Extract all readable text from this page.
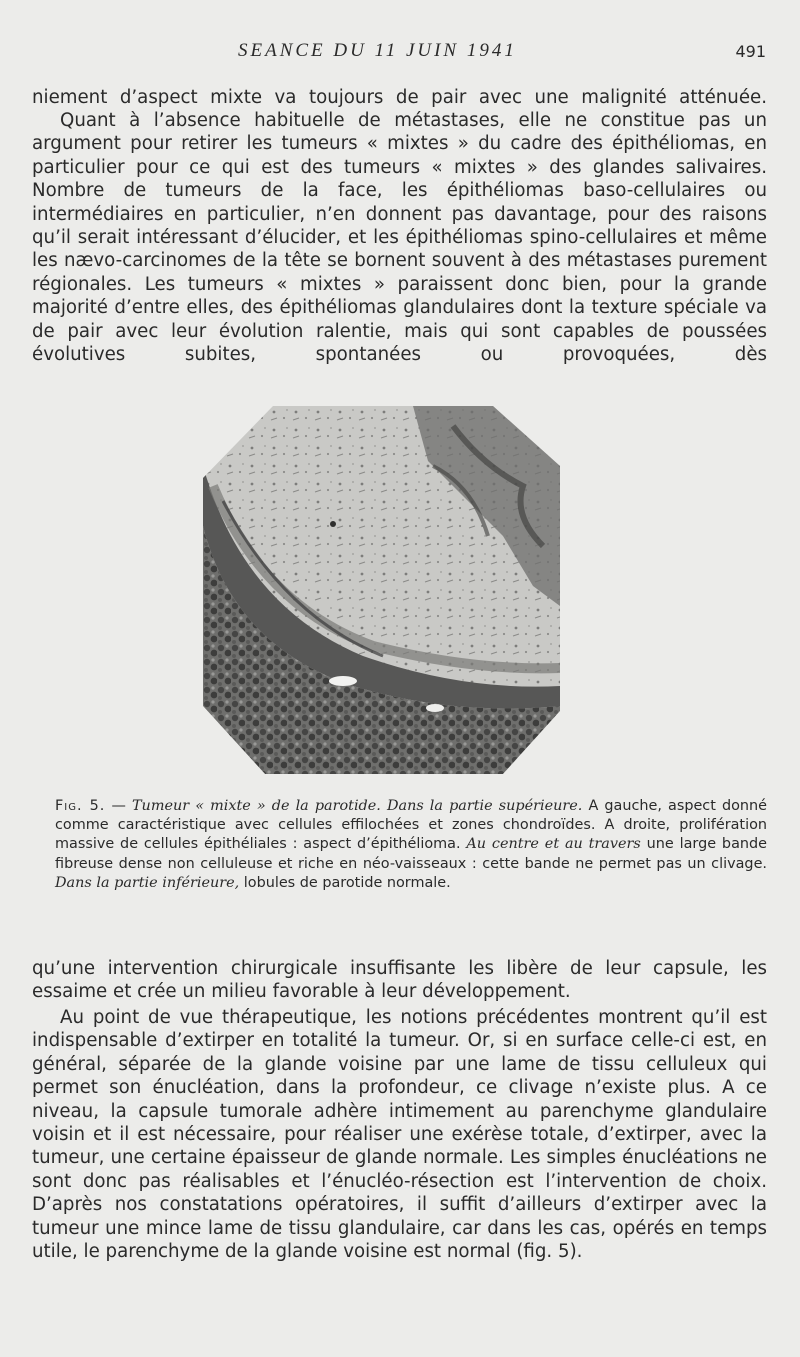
SEANCE DU 11 JUIN 1941	491

niement d’aspect mixte va toujours de pair avec une malignité atténuée.

Quant à l’absence habituelle de métastases, elle ne constitue pas un argument pour retirer les tumeurs « mixtes » du cadre des épithéliomas, en particulier pour ce qui est des tumeurs « mixtes » des glandes salivaires. Nombre de tumeurs de la face, les épithéliomas baso-cellulaires ou intermédiaires en particulier, n’en donnent pas davantage, pour des raisons qu’il serait intéressant d’élucider, et les épithéliomas spino-cellulaires et même les nævo-carcinomes de la tête se bornent souvent à des métastases purement régionales. Les tumeurs « mixtes » paraissent donc bien, pour la grande majorité d’entre elles, des épithéliomas glandulaires dont la texture spéciale va de pair avec leur évolution ralentie, mais qui sont capables de poussées évolutives subites, spontanées ou provoquées, dès

Fig. 5. — Tumeur « mixte » de la parotide. Dans la partie supérieure. A gauche, aspect donné comme caractéristique avec cellules effilochées et zones chondroïdes. A droite, prolifération massive de cellules épithéliales : aspect d’épithélioma. Au centre et au travers une large bande fibreuse dense non celluleuse et riche en néo-vaisseaux : cette bande ne permet pas un clivage. Dans la partie inférieure, lobules de parotide normale.

qu’une intervention chirurgicale insuffisante les libère de leur capsule, les essaime et crée un milieu favorable à leur développement.

Au point de vue thérapeutique, les notions précédentes montrent qu’il est indispensable d’extirper en totalité la tumeur. Or, si en surface celle-ci est, en général, séparée de la glande voisine par une lame de tissu celluleux qui permet son énucléation, dans la profondeur, ce clivage n’existe plus. A ce niveau, la capsule tumorale adhère intimement au parenchyme glandulaire voisin et il est nécessaire, pour réaliser une exérèse totale, d’extirper, avec la tumeur, une certaine épaisseur de glande normale. Les simples énucléations ne sont donc pas réalisables et l’énucléo-résection est l’intervention de choix. D’après nos constatations opératoires, il suffit d’ailleurs d’extirper avec la tumeur une mince lame de tissu glandulaire, car dans les cas, opérés en temps utile, le parenchyme de la glande voisine est normal (fig. 5).
